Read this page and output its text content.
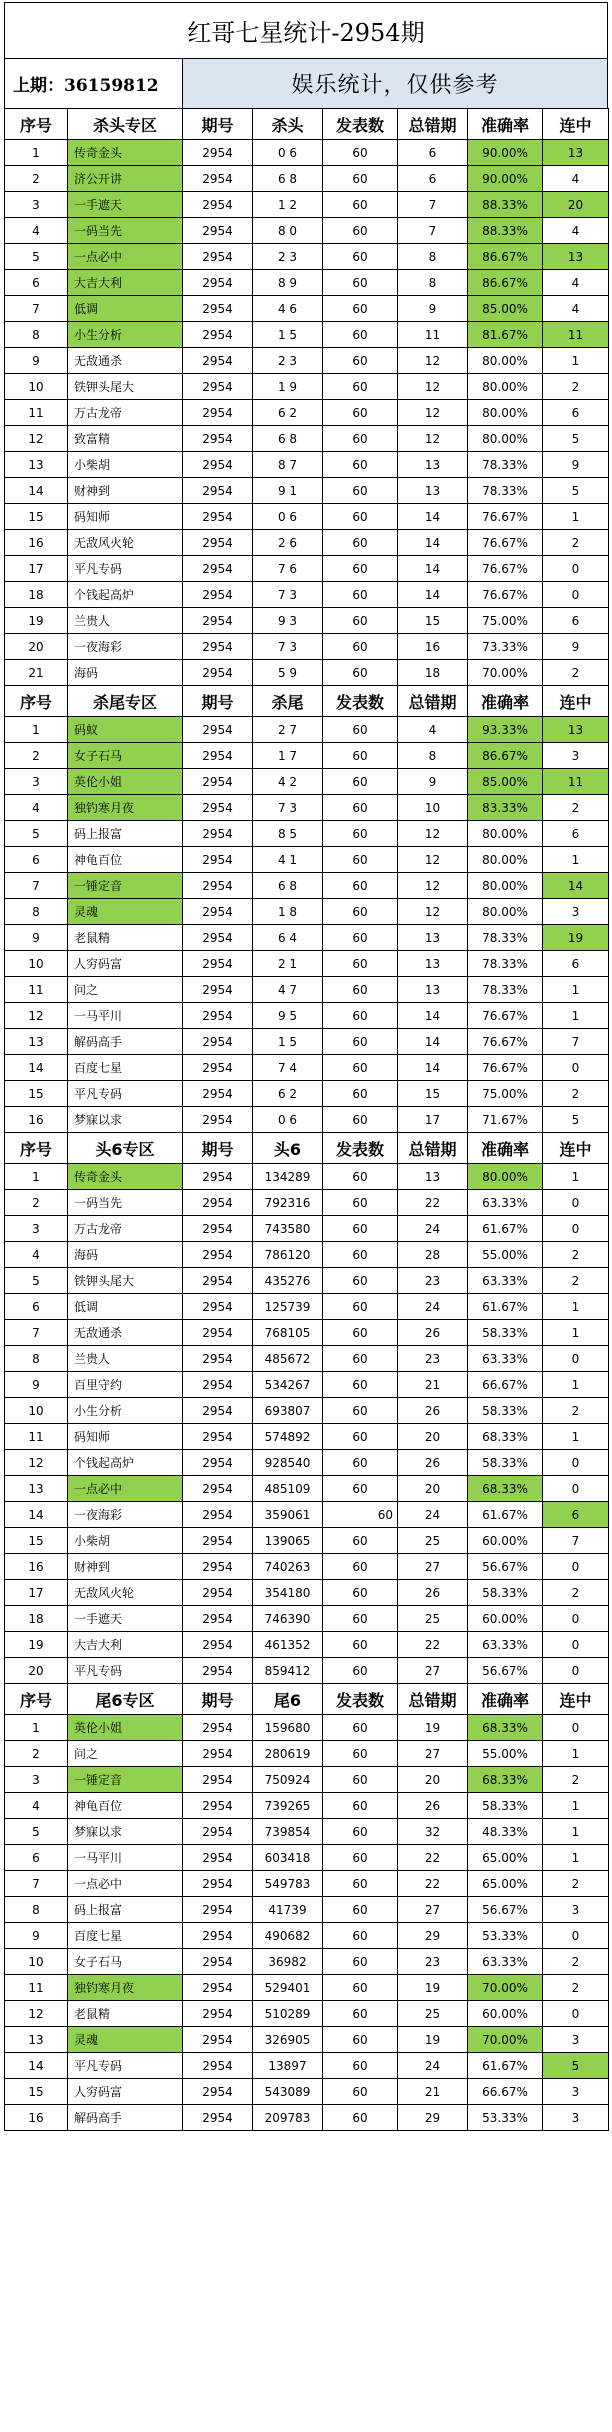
红哥七星统计-2954期
上期：36159812	娱乐统计，仅供参考
序号	杀头专区	期号	杀头	发表数	总错期	准确率	连中
1	传奇金头	2954	0 6	60	6	90.00%	13
2	济公开讲	2954	6 8	60	6	90.00%	4
3	一手遮天	2954	1 2	60	7	88.33%	20
4	一码当先	2954	8 0	60	7	88.33%	4
5	一点必中	2954	2 3	60	8	86.67%	13
6	大吉大利	2954	8 9	60	8	86.67%	4
7	低调	2954	4 6	60	9	85.00%	4
8	小生分析	2954	1 5	60	11	81.67%	11
9	无敌通杀	2954	2 3	60	12	80.00%	1
10	铁钾头尾大	2954	1 9	60	12	80.00%	2
11	万古龙帝	2954	6 2	60	12	80.00%	6
12	致富精	2954	6 8	60	12	80.00%	5
13	小柴胡	2954	8 7	60	13	78.33%	9
14	财神到	2954	9 1	60	13	78.33%	5
15	码知师	2954	0 6	60	14	76.67%	1
16	无敌风火轮	2954	2 6	60	14	76.67%	2
17	平凡专码	2954	7 6	60	14	76.67%	0
18	个钱起高炉	2954	7 3	60	14	76.67%	0
19	兰贵人	2954	9 3	60	15	75.00%	6
20	一夜海彩	2954	7 3	60	16	73.33%	9
21	海码	2954	5 9	60	18	70.00%	2
序号	杀尾专区	期号	杀尾	发表数	总错期	准确率	连中
1	码蚁	2954	2 7	60	4	93.33%	13
2	女子石马	2954	1 7	60	8	86.67%	3
3	英伦小姐	2954	4 2	60	9	85.00%	11
4	独钓寒月夜	2954	7 3	60	10	83.33%	2
5	码上报富	2954	8 5	60	12	80.00%	6
6	神龟百位	2954	4 1	60	12	80.00%	1
7	一锤定音	2954	6 8	60	12	80.00%	14
8	灵魂	2954	1 8	60	12	80.00%	3
9	老鼠精	2954	6 4	60	13	78.33%	19
10	人穷码富	2954	2 1	60	13	78.33%	6
11	问之	2954	4 7	60	13	78.33%	1
12	一马平川	2954	9 5	60	14	76.67%	1
13	解码高手	2954	1 5	60	14	76.67%	7
14	百度七星	2954	7 4	60	14	76.67%	0
15	平凡专码	2954	6 2	60	15	75.00%	2
16	梦寐以求	2954	0 6	60	17	71.67%	5
序号	头6专区	期号	头6	发表数	总错期	准确率	连中
1	传奇金头	2954	134289	60	13	80.00%	1
2	一码当先	2954	792316	60	22	63.33%	0
3	万古龙帝	2954	743580	60	24	61.67%	0
4	海码	2954	786120	60	28	55.00%	2
5	铁钾头尾大	2954	435276	60	23	63.33%	2
6	低调	2954	125739	60	24	61.67%	1
7	无敌通杀	2954	768105	60	26	58.33%	1
8	兰贵人	2954	485672	60	23	63.33%	0
9	百里守约	2954	534267	60	21	66.67%	1
10	小生分析	2954	693807	60	26	58.33%	2
11	码知师	2954	574892	60	20	68.33%	1
12	个钱起高炉	2954	928540	60	26	58.33%	0
13	一点必中	2954	485109	60	20	68.33%	0
14	一夜海彩	2954	359061	60	24	61.67%	6
15	小柴胡	2954	139065	60	25	60.00%	7
16	财神到	2954	740263	60	27	56.67%	0
17	无敌风火轮	2954	354180	60	26	58.33%	2
18	一手遮天	2954	746390	60	25	60.00%	0
19	大吉大利	2954	461352	60	22	63.33%	0
20	平凡专码	2954	859412	60	27	56.67%	0
序号	尾6专区	期号	尾6	发表数	总错期	准确率	连中
1	英伦小姐	2954	159680	60	19	68.33%	0
2	问之	2954	280619	60	27	55.00%	1
3	一锤定音	2954	750924	60	20	68.33%	2
4	神龟百位	2954	739265	60	26	58.33%	1
5	梦寐以求	2954	739854	60	32	48.33%	1
6	一马平川	2954	603418	60	22	65.00%	1
7	一点必中	2954	549783	60	22	65.00%	2
8	码上报富	2954	41739	60	27	56.67%	3
9	百度七星	2954	490682	60	29	53.33%	0
10	女子石马	2954	36982	60	23	63.33%	2
11	独钓寒月夜	2954	529401	60	19	70.00%	2
12	老鼠精	2954	510289	60	25	60.00%	0
13	灵魂	2954	326905	60	19	70.00%	3
14	平凡专码	2954	13897	60	24	61.67%	5
15	人穷码富	2954	543089	60	21	66.67%	3
16	解码高手	2954	209783	60	29	53.33%	3
